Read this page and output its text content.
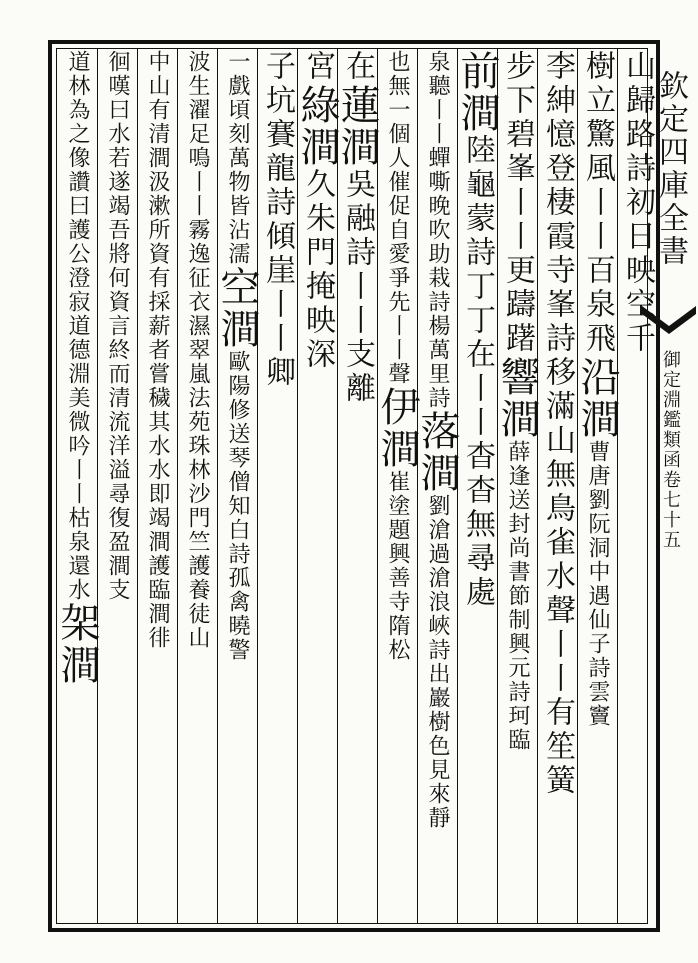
欽定四庫全書
御定淵鑑類函卷七十五
山歸路詩初日映空千
樹立驚風丨丨百泉飛沿澗曹唐劉阮洞中遇仙子詩雲竇
李紳憶登棲霞寺峯詩移滿山無鳥雀水聲丨丨有笙簧
步下碧峯丨丨更躊躇響澗薛逢送封尚書節制興元詩珂臨
前澗陸龜蒙詩丁丁在丨丨杳杳無尋處
泉聽丨丨蟬嘶晚吹助栽詩楊萬里詩落澗劉滄過滄浪峽詩出巖樹色見來靜
也無一個人催促自愛爭先丨丨聲伊澗崔塗題興善寺隋松
在蓮澗吳融詩丨丨支離
宮綠澗久朱門掩映深
子坑賽龍詩傾崖丨丨卿
一戲頃刻萬物皆沾濡空澗歐陽修送琴僧知白詩孤禽曉警
波生濯足鳴丨丨霧逸征衣濕翠嵐法苑珠林沙門竺護養徒山
中山有清澗汲漱所資有採薪者嘗穢其水水即竭澗護臨澗徘
徊嘆曰水若遂竭吾將何資言終而清流洋溢尋復盈澗支
道林為之像讚曰護公澄寂道德淵美微吟丨丨枯泉還水架澗
